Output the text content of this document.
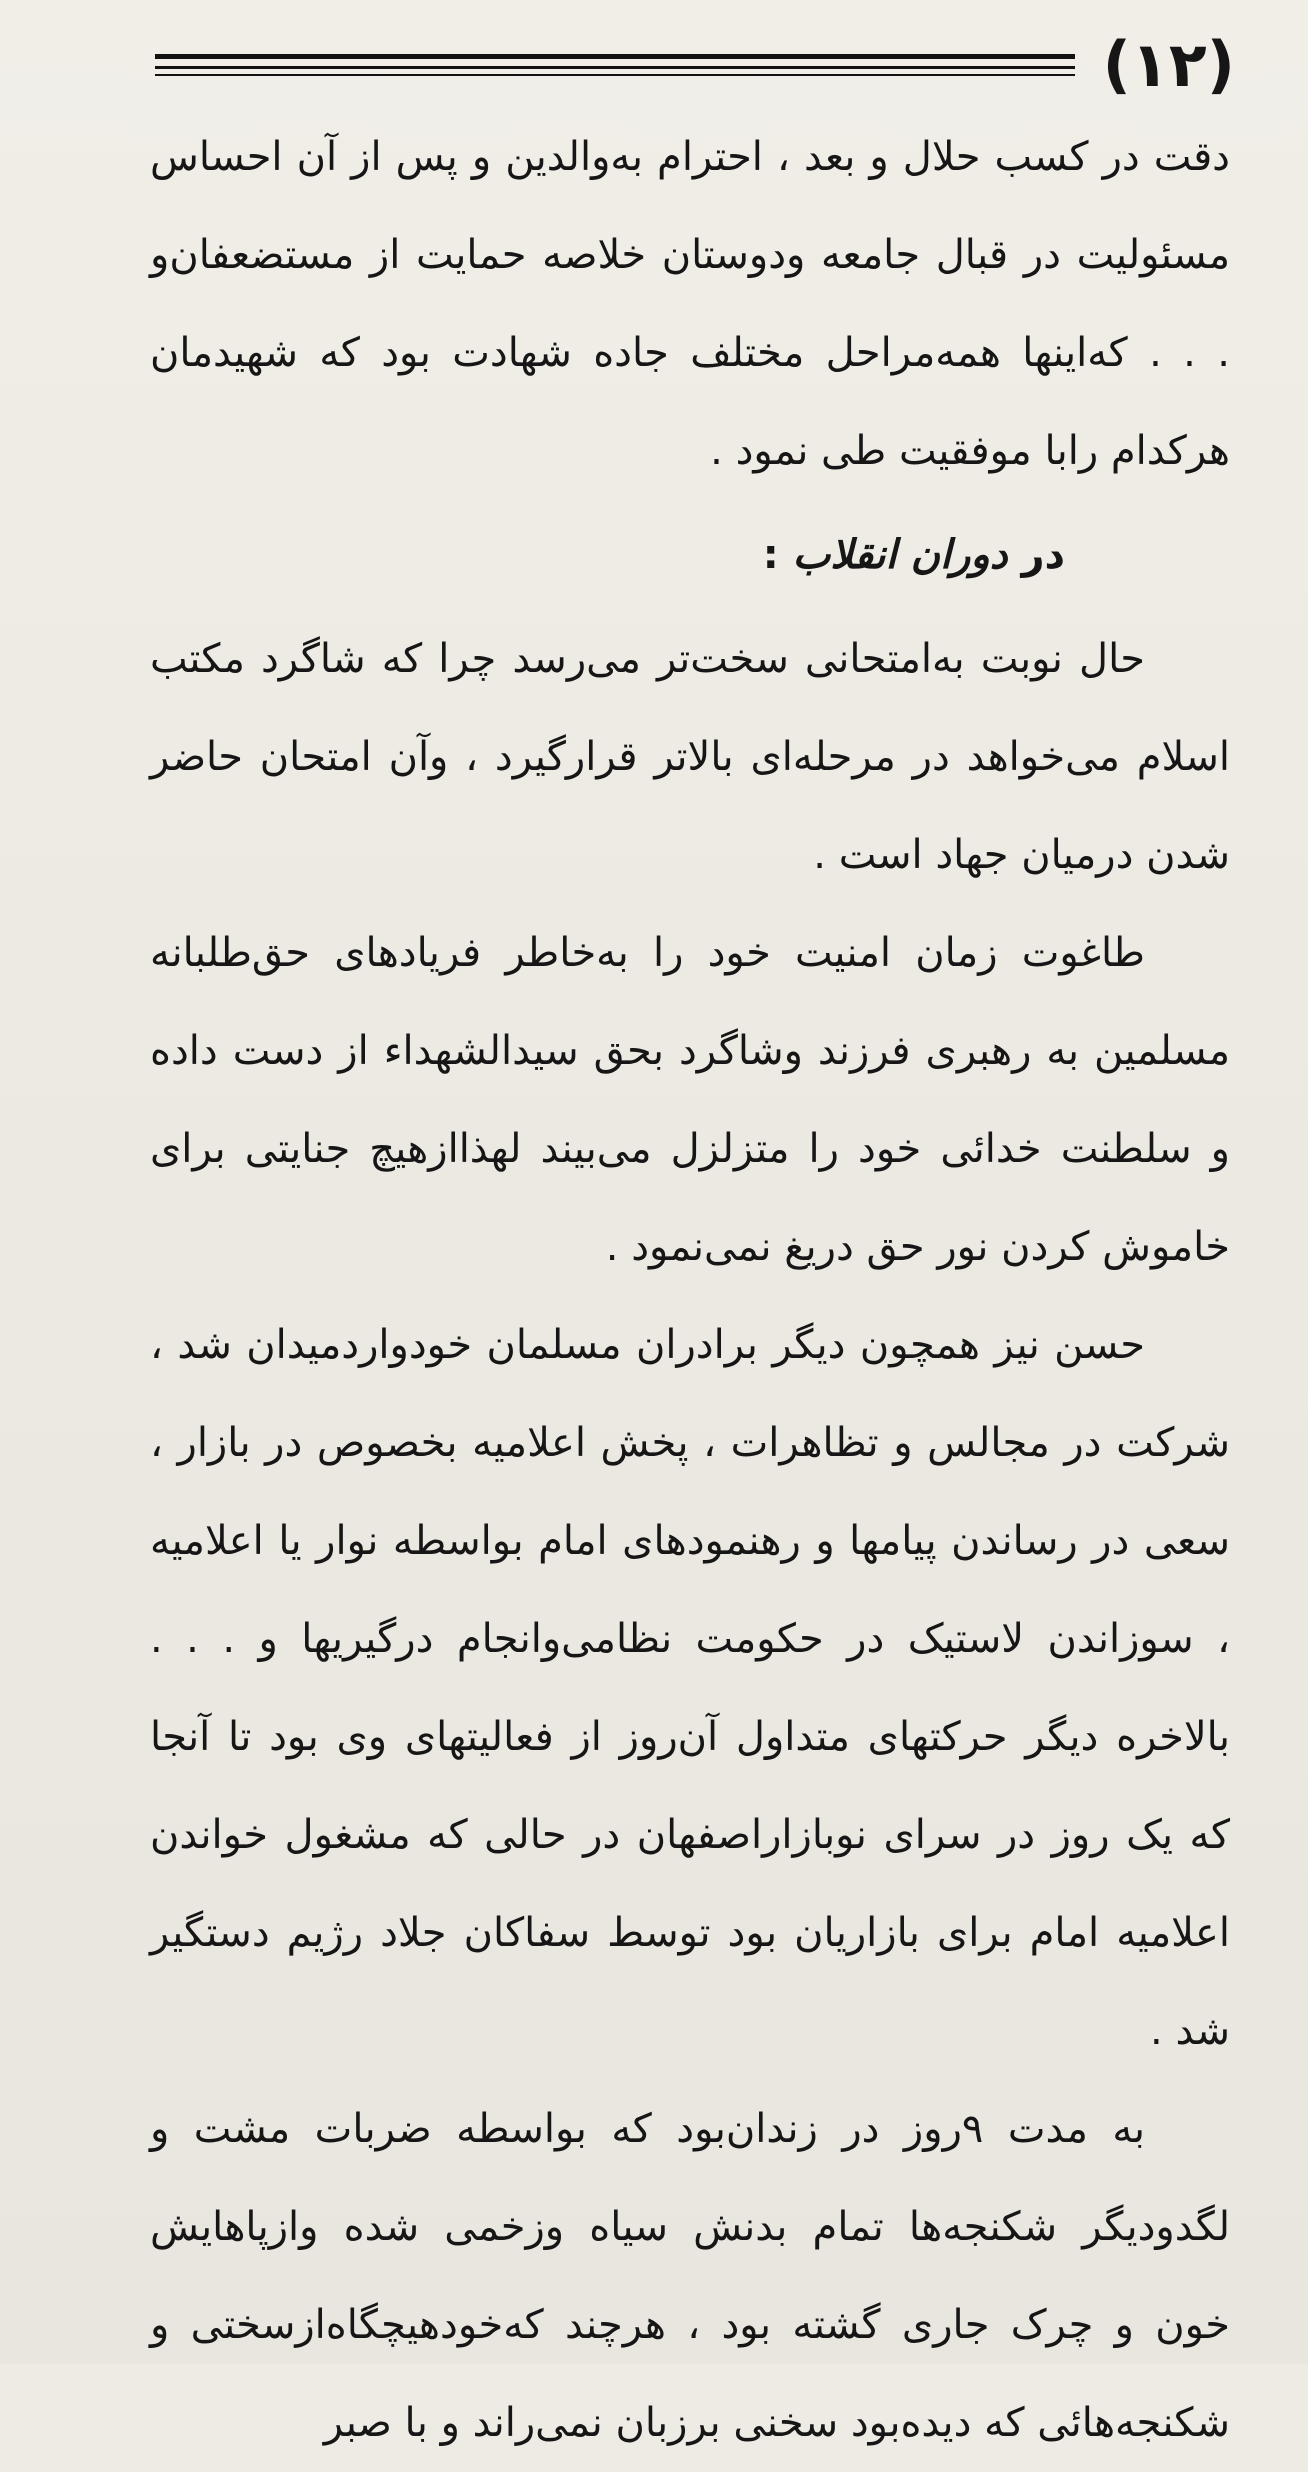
(۱۲)

دقت در کسب حلال و بعد ، احترام به‌والدین و پس از آن احساس مسئولیت در قبال جامعه ودوستان خلاصه حمایت از مستضعفان‌و . . . که‌اینها همه‌مراحل مختلف جاده شهادت بود که شهیدمان هرکدام رابا موفقیت طی نمود .

در دوران انقلاب :

حال نوبت به‌امتحانی سخت‌تر می‌رسد چرا که شاگرد مکتب اسلام می‌خواهد در مرحله‌ای بالاتر قرارگیرد ، وآن امتحان حاضر شدن درمیان جهاد است .

طاغوت زمان امنیت خود را به‌خاطر فریادهای حق‌طلبانه مسلمین به رهبری فرزند وشاگرد بحق سیدالشهداء از دست داده و سلطنت خدائی خود را متزلزل می‌بیند لهذاازهیچ جنایتی برای خاموش کردن نور حق دریغ نمی‌نمود .

حسن نیز همچون دیگر برادران مسلمان خودواردمیدان شد ، شرکت در مجالس و تظاهرات ، پخش اعلامیه بخصوص در بازار ، سعی در رساندن پیامها و رهنمودهای امام بواسطه نوار یا اعلامیه ، سوزاندن لاستیک در حکومت نظامی‌وانجام درگیریها و . . . بالاخره دیگر حرکتهای متداول آن‌روز از فعالیتهای وی بود تا آنجا که یک روز در سرای نوبازاراصفهان در حالی که مشغول خواندن اعلامیه امام برای بازاریان بود توسط سفاکان جلاد رژیم دستگیر شد .

به مدت ۹روز در زندان‌بود که بواسطه ضربات مشت و لگدودیگر شکنجه‌ها تمام بدنش سیاه وزخمی شده وازپاهایش خون و چرک جاری گشته بود ، هرچند که‌خودهیچگاه‌ازسختی و شکنجه‌هائی که دیده‌بود سخنی برزبان نمی‌راند و با صبر
